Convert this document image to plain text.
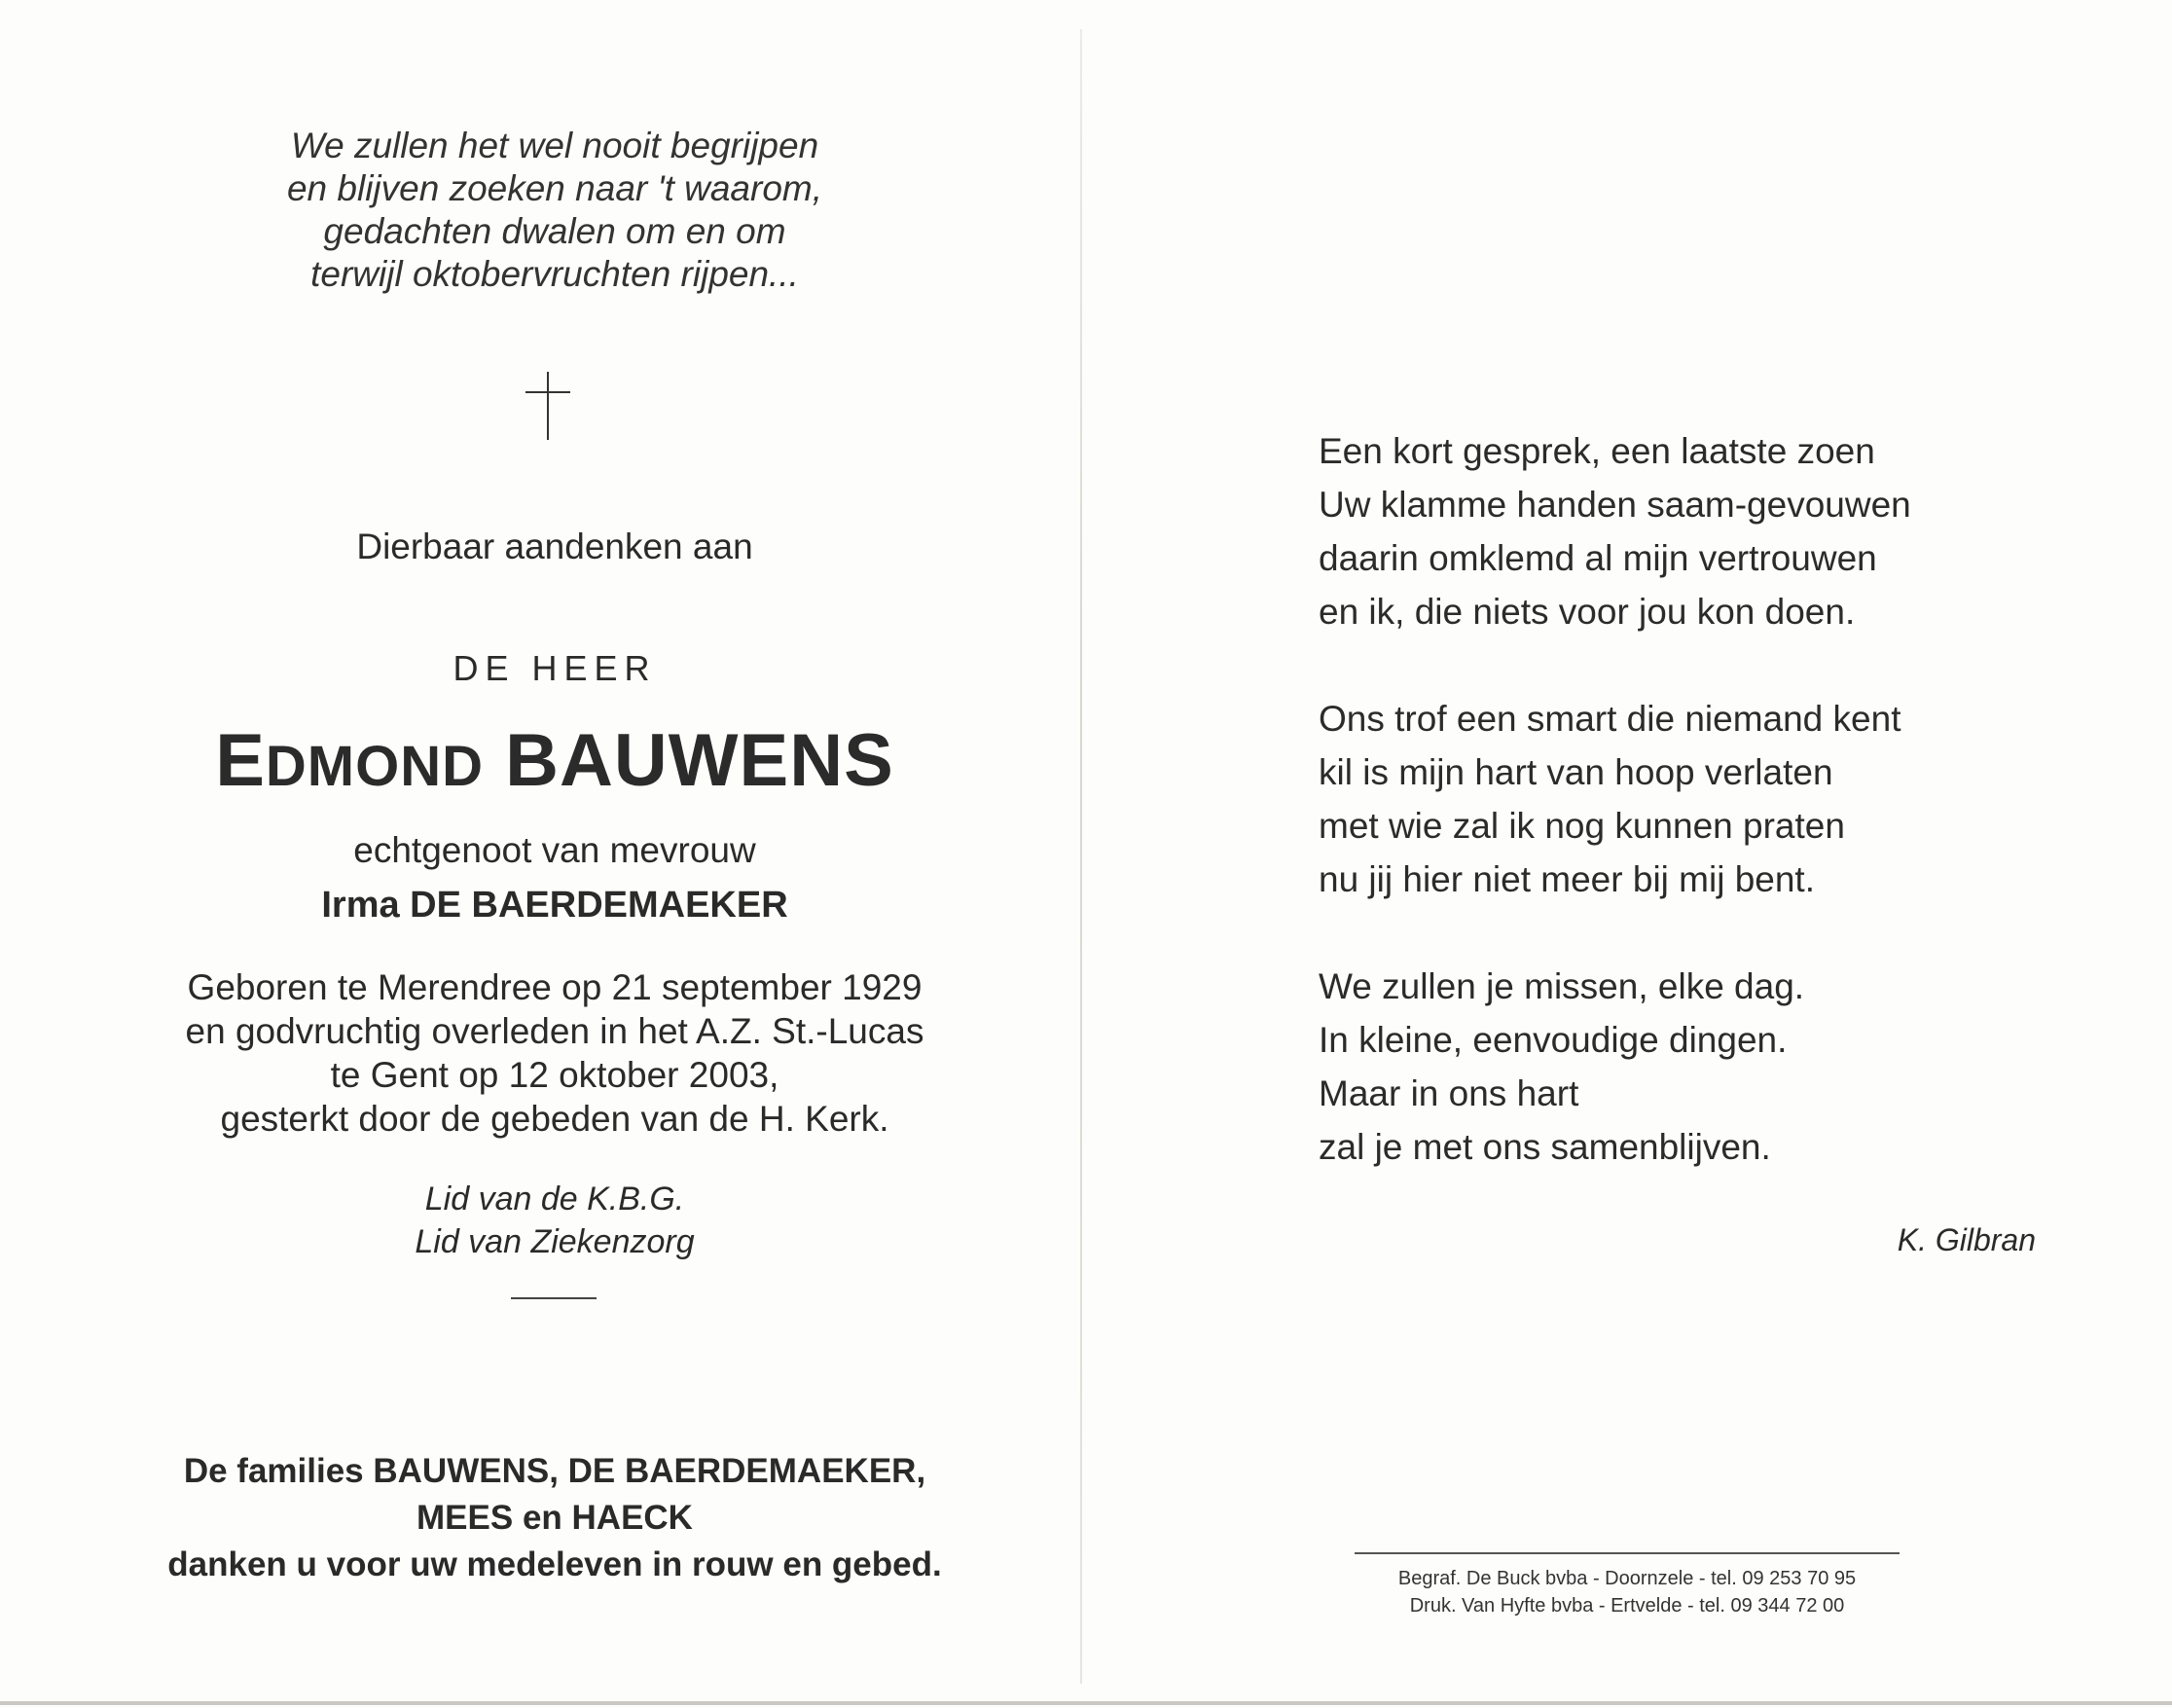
We zullen het wel nooit begrijpen
en blijven zoeken naar 't waarom,
gedachten dwalen om en om
terwijl oktobervruchten rijpen...
Dierbaar aandenken aan
DE HEER
EDMOND BAUWENS
echtgenoot van mevrouw
Irma DE BAERDEMAEKER
Geboren te Merendree op 21 september 1929
en godvruchtig overleden in het A.Z. St.-Lucas
te Gent op 12 oktober 2003,
gesterkt door de gebeden van de H. Kerk.
Lid van de K.B.G.
Lid van Ziekenzorg
De families BAUWENS, DE BAERDEMAEKER,
MEES en HAECK
danken u voor uw medeleven in rouw en gebed.
Een kort gesprek, een laatste zoen
Uw klamme handen saam-gevouwen
daarin omklemd al mijn vertrouwen
en ik, die niets voor jou kon doen.
Ons trof een smart die niemand kent
kil is mijn hart van hoop verlaten
met wie zal ik nog kunnen praten
nu jij hier niet meer bij mij bent.
We zullen je missen, elke dag.
In kleine, eenvoudige dingen.
Maar in ons hart
zal je met ons samenblijven.
K. Gilbran
Begraf. De Buck bvba - Doornzele - tel. 09 253 70 95
Druk. Van Hyfte bvba - Ertvelde - tel. 09 344 72 00
